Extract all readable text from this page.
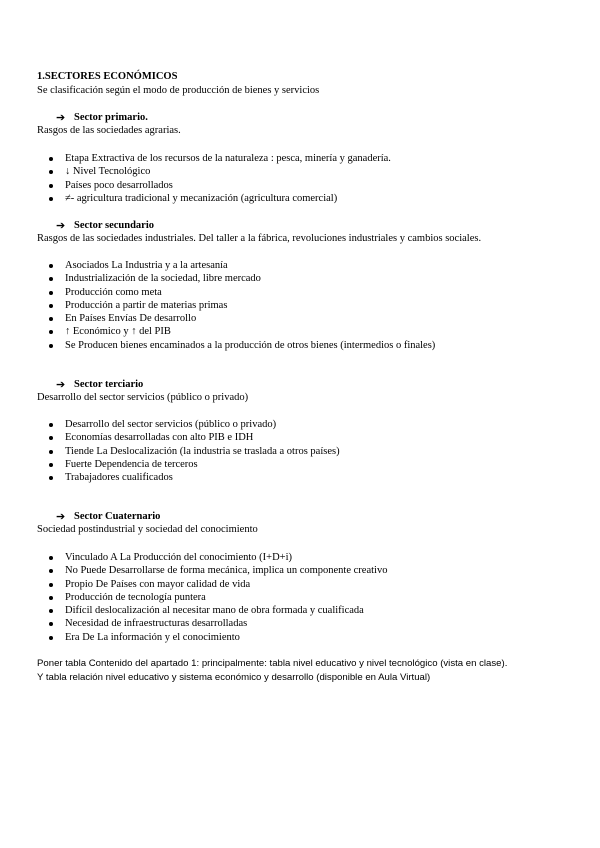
1.SECTORES ECONÓMICOS
Se clasificación según el modo de producción de bienes y servicios
➔ Sector primario.
Rasgos de las sociedades agrarias.
Etapa Extractiva de los recursos de la naturaleza : pesca, minería y ganadería.
↓ Nivel Tecnológico
Países poco desarrollados
≠- agricultura tradicional y mecanización (agricultura comercial)
➔ Sector secundario
Rasgos de las sociedades industriales. Del taller a la fábrica, revoluciones industriales y cambios sociales.
Asociados La Industria y a la artesanía
Industrialización de la sociedad, libre mercado
Producción como meta
Producción a partir de materias primas
En Países Envías De desarrollo
↑ Económico y ↑ del PIB
Se Producen bienes encaminados a la producción de otros bienes (intermedios o finales)
➔ Sector terciario
Desarrollo del sector servicios (público o privado)
Desarrollo del sector servicios (público o privado)
Economías desarrolladas con alto PIB e IDH
Tiende La Deslocalización (la industria se traslada a otros países)
Fuerte Dependencia de terceros
Trabajadores cualificados
➔ Sector Cuaternario
Sociedad postindustrial y sociedad del conocimiento
Vinculado A La Producción del conocimiento (I+D+i)
No Puede Desarrollarse de forma mecánica, implica un componente creativo
Propio De Países con mayor calidad de vida
Producción de tecnología puntera
Difícil deslocalización al necesitar mano de obra formada y cualificada
Necesidad de infraestructuras desarrolladas
Era De La información y el conocimiento
Poner tabla Contenido del apartado 1: principalmente: tabla nivel educativo y nivel tecnológico (vista en clase).
Y tabla relación nivel educativo y sistema económico y desarrollo (disponible en Aula Virtual)
